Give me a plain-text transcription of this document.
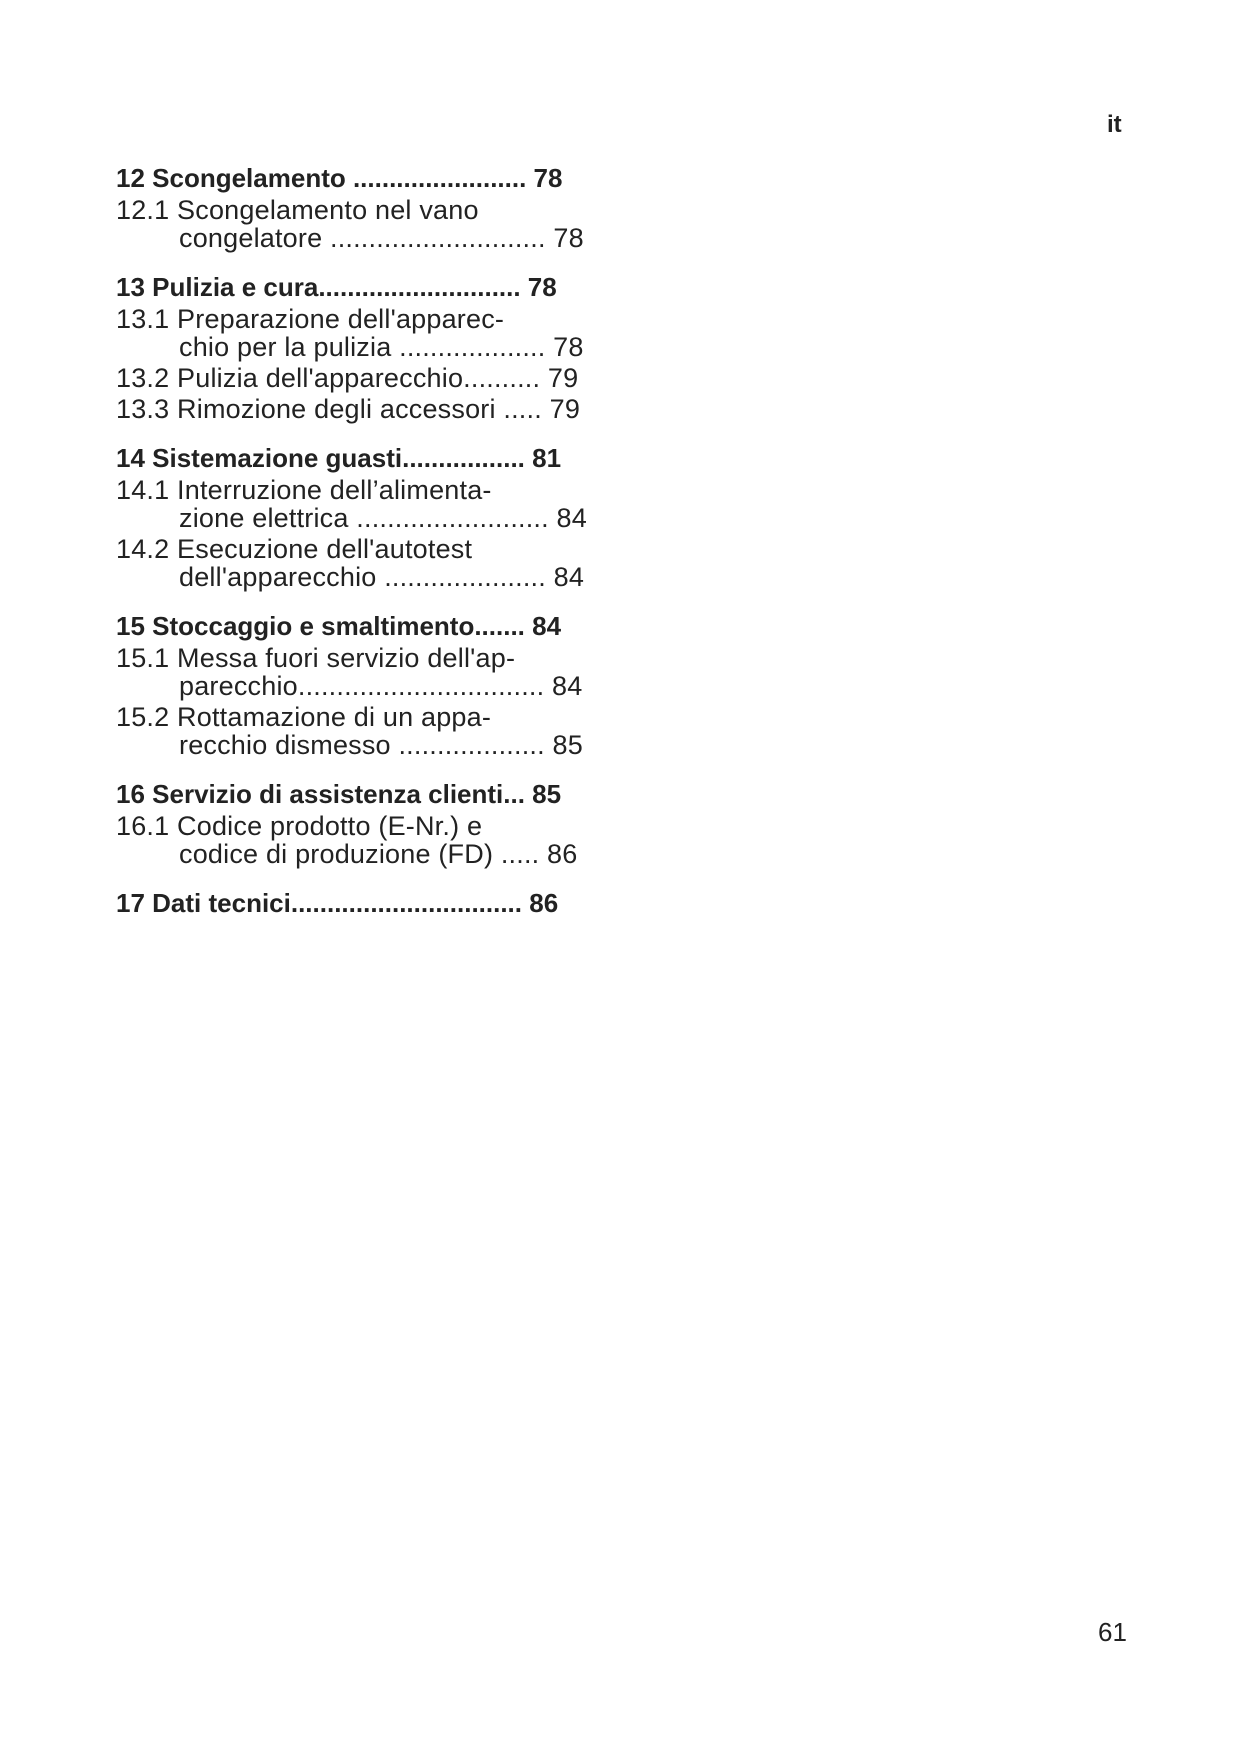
it
12 Scongelamento ........................ 78
12.1 Scongelamento nel vano
congelatore ............................ 78
13 Pulizia e cura............................ 78
13.1 Preparazione dell'apparec-
chio per la pulizia ................... 78
13.2 Pulizia dell'apparecchio.......... 79
13.3 Rimozione degli accessori ..... 79
14 Sistemazione guasti................. 81
14.1 Interruzione dell’alimenta-
zione elettrica ......................... 84
14.2 Esecuzione dell'autotest
dell'apparecchio ..................... 84
15 Stoccaggio e smaltimento....... 84
15.1 Messa fuori servizio dell'ap-
parecchio................................ 84
15.2 Rottamazione di un appa-
recchio dismesso ................... 85
16 Servizio di assistenza clienti... 85
16.1 Codice prodotto (E-Nr.) e
codice di produzione (FD) ..... 86
17 Dati tecnici................................ 86
61
